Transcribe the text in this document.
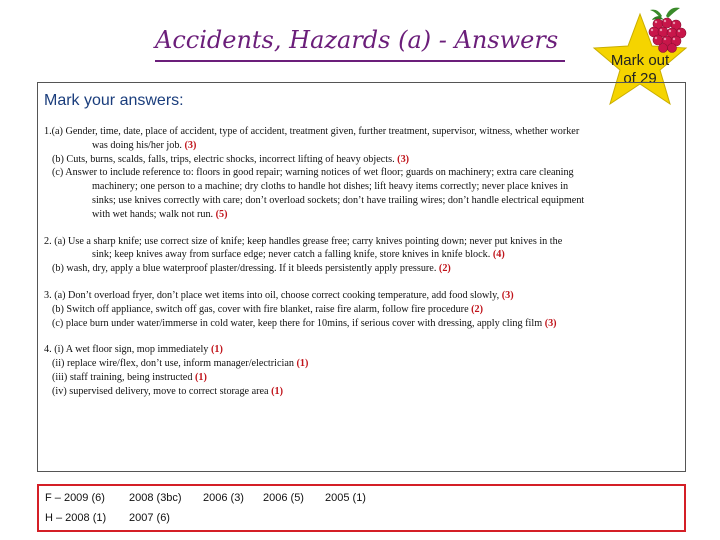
Accidents, Hazards (a) - Answers
Mark out
of 29
Mark your answers:

1.(a) Gender, time, date, place of accident, type of accident, treatment given, further treatment, supervisor, witness, whether worker

was doing his/her job. (3)

(b) Cuts, burns, scalds, falls, trips, electric shocks, incorrect lifting of heavy objects. (3)

(c) Answer to include reference to: floors in good repair; warning notices of wet floor; guards on machinery; extra care cleaning

machinery; one person to a machine; dry cloths to handle hot dishes; lift heavy items correctly; never place knives in

sinks; use knives correctly with care; don’t overload sockets; don’t have trailing wires; don’t handle electrical equipment

with wet hands; walk not run. (5)

2. (a) Use a sharp knife; use correct size of knife; keep handles grease free; carry knives pointing down; never put knives in the

sink; keep knives away from surface edge; never catch a falling knife, store knives in knife block. (4)

(b) wash, dry, apply a blue waterproof plaster/dressing. If it bleeds persistently apply pressure. (2)

3. (a) Don’t overload fryer, don’t place wet items into oil, choose correct cooking temperature, add food slowly, (3)

(b) Switch off appliance, switch off gas, cover with fire blanket, raise fire alarm, follow fire procedure (2)

(c) place burn under water/immerse in cold water, keep there for 10mins, if serious cover with dressing, apply cling film (3)

4. (i) A wet floor sign, mop immediately (1)

(ii) replace wire/flex, don’t use, inform manager/electrician (1)

(iii) staff training, being instructed (1)

(iv) supervised delivery, move to correct storage area (1)

F – 2009 (6) 2008 (3bc) 2006 (3) 2006 (5) 2005 (1)
H – 2008 (1) 2007 (6)
